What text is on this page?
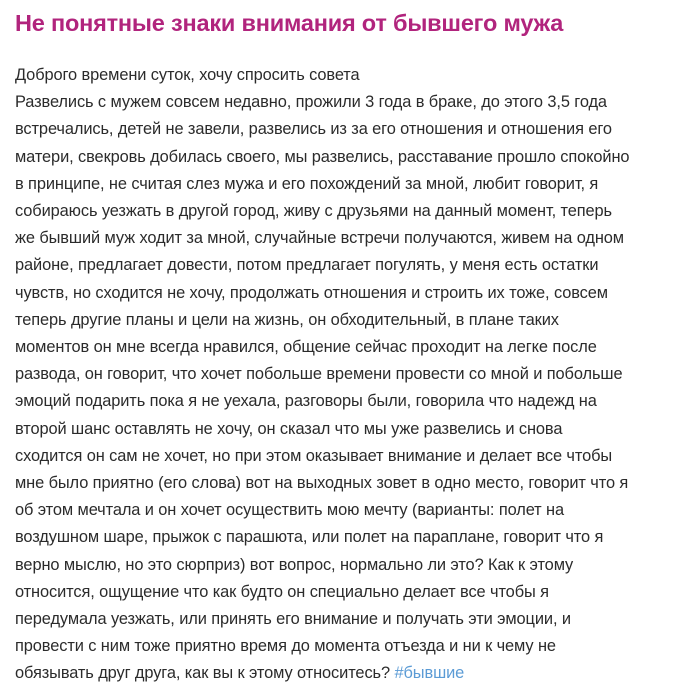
Не понятные знаки внимания от бывшего мужа
Доброго времени суток, хочу спросить совета
Развелись с мужем совсем недавно, прожили 3 года в браке, до этого 3,5 года
встречались, детей не завели, развелись из за его отношения и отношения его
матери, свекровь добилась своего, мы развелись, расставание прошло спокойно
в принципе, не считая слез мужа и его похождений за мной, любит говорит, я
собираюсь уезжать в другой город, живу с друзьями на данный момент, теперь
же бывший муж ходит за мной, случайные встречи получаются, живем на одном
районе, предлагает довести, потом предлагает погулять, у меня есть остатки
чувств, но сходится не хочу, продолжать отношения и строить их тоже, совсем
теперь другие планы и цели на жизнь, он обходительный, в плане таких
моментов он мне всегда нравился, общение сейчас проходит на легке после
развода, он говорит, что хочет побольше времени провести со мной и побольше
эмоций подарить пока я не уехала, разговоры были, говорила что надежд на
второй шанс оставлять не хочу, он сказал что мы уже развелись и снова
сходится он сам не хочет, но при этом оказывает внимание и делает все чтобы
мне было приятно (его слова) вот на выходных зовет в одно место, говорит что я
об этом мечтала и он хочет осуществить мою мечту (варианты: полет на
воздушном шаре, прыжок с парашюта, или полет на параплане, говорит что я
верно мыслю, но это сюрприз) вот вопрос, нормально ли это? Как к этому
относится, ощущение что как будто он специально делает все чтобы я
передумала уезжать, или принять его внимание и получать эти эмоции, и
провести с ним тоже приятно время до момента отъезда и ни к чему не
обязывать друг друга, как вы к этому относитесь? #бывшие
